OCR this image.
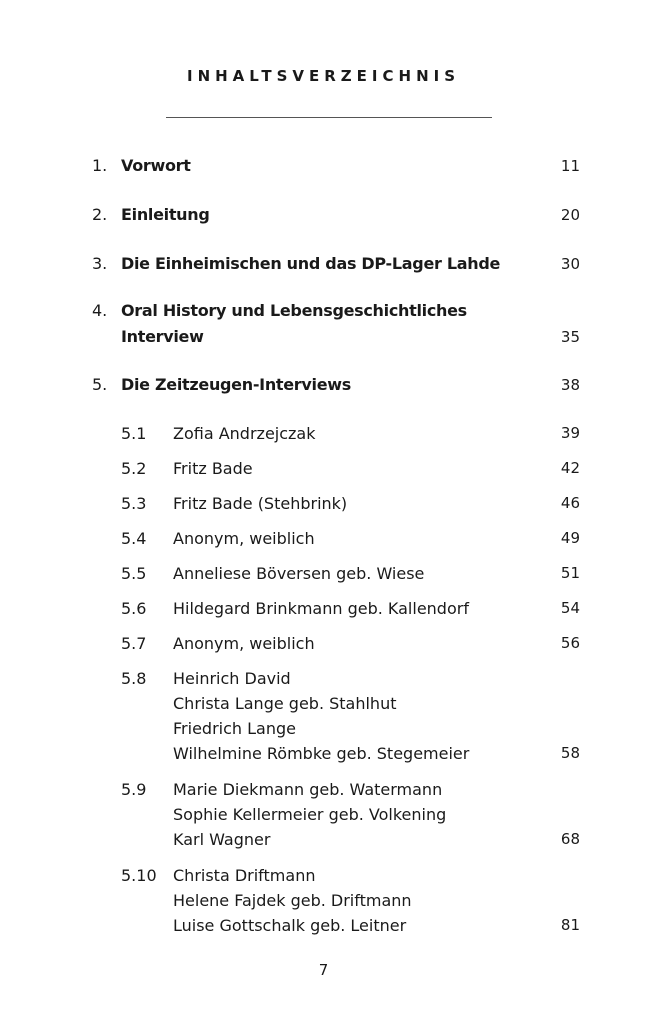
INHALTSVERZEICHNIS
1. Vorwort	11
2. Einleitung	20
3. Die Einheimischen und das DP-Lager Lahde	30
4. Oral History und Lebensgeschichtliches
Interview	35
5. Die Zeitzeugen-Interviews	38
5.1 Zofia Andrzejczak	39
5.2 Fritz Bade	42
5.3 Fritz Bade (Stehbrink)	46
5.4 Anonym, weiblich	49
5.5 Anneliese Böversen geb. Wiese	51
5.6 Hildegard Brinkmann geb. Kallendorf	54
5.7 Anonym, weiblich	56
5.8 Heinrich David
Christa Lange geb. Stahlhut
Friedrich Lange
Wilhelmine Römbke geb. Stegemeier	58
5.9 Marie Diekmann geb. Watermann
Sophie Kellermeier geb. Volkening
Karl Wagner	68
5.10 Christa Driftmann
Helene Fajdek geb. Driftmann
Luise Gottschalk geb. Leitner	81
7
